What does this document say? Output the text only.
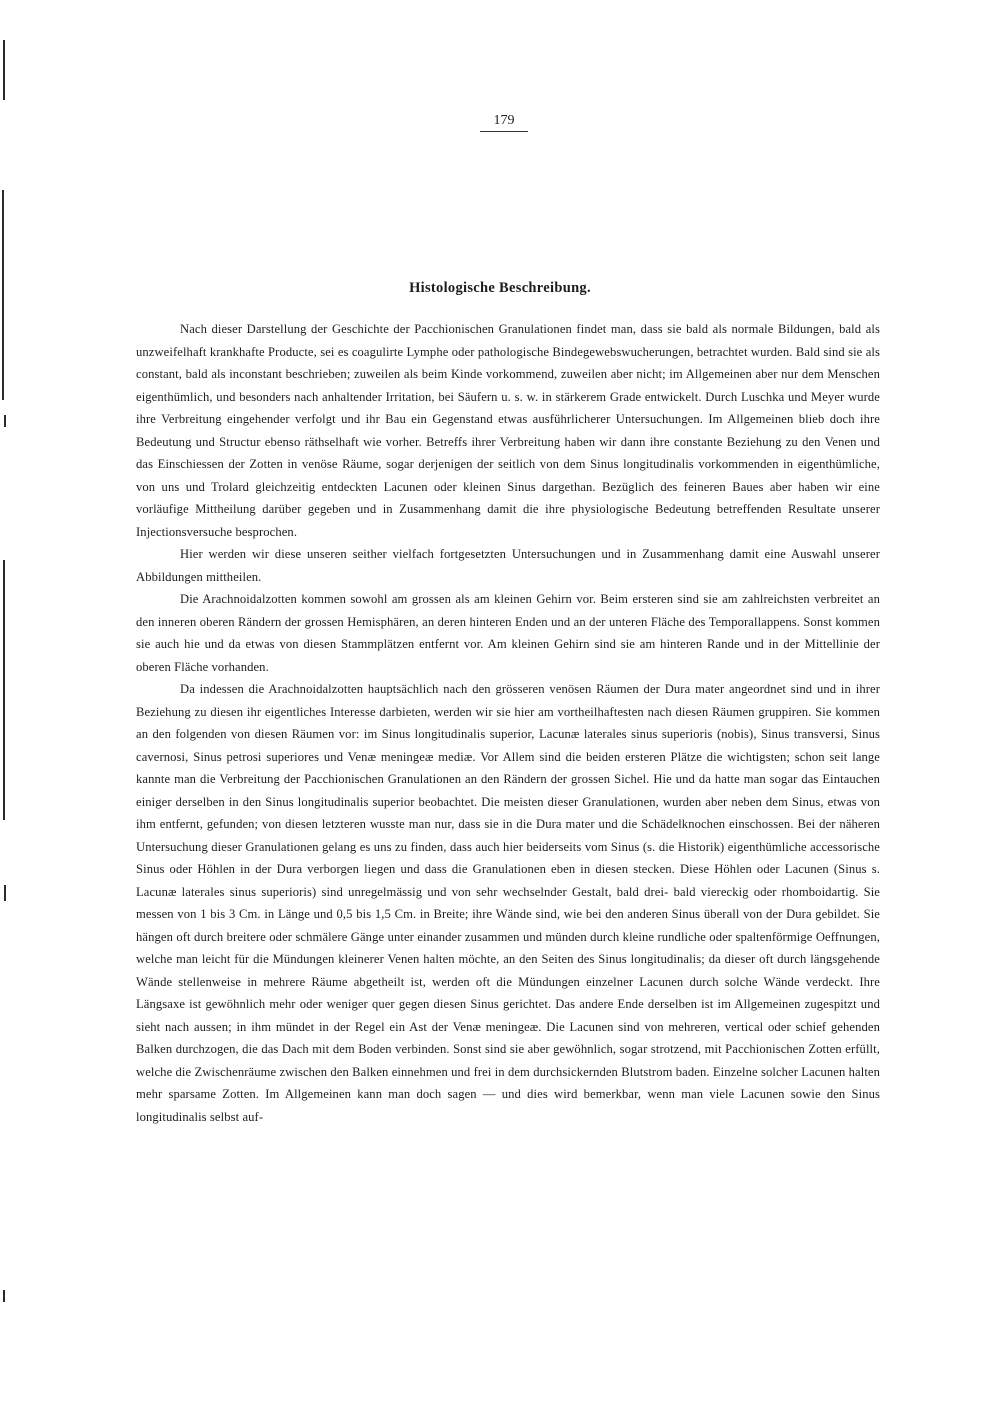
179
Histologische Beschreibung.

Nach dieser Darstellung der Geschichte der Pacchionischen Granulationen findet man, dass sie bald als normale Bildungen, bald als unzweifelhaft krankhafte Producte, sei es coagulirte Lymphe oder pathologische Bindegewebswucherungen, betrachtet wurden. Bald sind sie als constant, bald als inconstant beschrieben; zuweilen als beim Kinde vorkommend, zuweilen aber nicht; im Allgemeinen aber nur dem Menschen eigenthümlich, und besonders nach anhaltender Irritation, bei Säufern u. s. w. in stärkerem Grade entwickelt. Durch Luschka und Meyer wurde ihre Verbreitung eingehender verfolgt und ihr Bau ein Gegenstand etwas ausführlicherer Untersuchungen. Im Allgemeinen blieb doch ihre Bedeutung und Structur ebenso räthselhaft wie vorher. Betreffs ihrer Verbreitung haben wir dann ihre constante Beziehung zu den Venen und das Einschiessen der Zotten in venöse Räume, sogar derjenigen der seitlich von dem Sinus longitudinalis vorkommenden in eigenthümliche, von uns und Trolard gleichzeitig entdeckten Lacunen oder kleinen Sinus dargethan. Bezüglich des feineren Baues aber haben wir eine vorläufige Mittheilung darüber gegeben und in Zusammenhang damit die ihre physiologische Bedeutung betreffenden Resultate unserer Injectionsversuche besprochen.

Hier werden wir diese unseren seither vielfach fortgesetzten Untersuchungen und in Zusammenhang damit eine Auswahl unserer Abbildungen mittheilen.

Die Arachnoidalzotten kommen sowohl am grossen als am kleinen Gehirn vor. Beim ersteren sind sie am zahlreichsten verbreitet an den inneren oberen Rändern der grossen Hemisphären, an deren hinteren Enden und an der unteren Fläche des Temporallappens. Sonst kommen sie auch hie und da etwas von diesen Stammplätzen entfernt vor. Am kleinen Gehirn sind sie am hinteren Rande und in der Mittellinie der oberen Fläche vorhanden.

Da indessen die Arachnoidalzotten hauptsächlich nach den grösseren venösen Räumen der Dura mater angeordnet sind und in ihrer Beziehung zu diesen ihr eigentliches Interesse darbieten, werden wir sie hier am vortheilhaftesten nach diesen Räumen gruppiren. Sie kommen an den folgenden von diesen Räumen vor: im Sinus longitudinalis superior, Lacunæ laterales sinus superioris (nobis), Sinus transversi, Sinus cavernosi, Sinus petrosi superiores und Venæ meningeæ mediæ. Vor Allem sind die beiden ersteren Plätze die wichtigsten; schon seit lange kannte man die Verbreitung der Pacchionischen Granulationen an den Rändern der grossen Sichel. Hie und da hatte man sogar das Eintauchen einiger derselben in den Sinus longitudinalis superior beobachtet. Die meisten dieser Granulationen, wurden aber neben dem Sinus, etwas von ihm entfernt, gefunden; von diesen letzteren wusste man nur, dass sie in die Dura mater und die Schädelknochen einschossen. Bei der näheren Untersuchung dieser Granulationen gelang es uns zu finden, dass auch hier beiderseits vom Sinus (s. die Historik) eigenthümliche accessorische Sinus oder Höhlen in der Dura verborgen liegen und dass die Granulationen eben in diesen stecken. Diese Höhlen oder Lacunen (Sinus s. Lacunæ laterales sinus superioris) sind unregelmässig und von sehr wechselnder Gestalt, bald drei- bald viereckig oder rhomboidartig. Sie messen von 1 bis 3 Cm. in Länge und 0,5 bis 1,5 Cm. in Breite; ihre Wände sind, wie bei den anderen Sinus überall von der Dura gebildet. Sie hängen oft durch breitere oder schmälere Gänge unter einander zusammen und münden durch kleine rundliche oder spaltenförmige Oeffnungen, welche man leicht für die Mündungen kleinerer Venen halten möchte, an den Seiten des Sinus longitudinalis; da dieser oft durch längsgehende Wände stellenweise in mehrere Räume abgetheilt ist, werden oft die Mündungen einzelner Lacunen durch solche Wände verdeckt. Ihre Längsaxe ist gewöhnlich mehr oder weniger quer gegen diesen Sinus gerichtet. Das andere Ende derselben ist im Allgemeinen zugespitzt und sieht nach aussen; in ihm mündet in der Regel ein Ast der Venæ meningeæ. Die Lacunen sind von mehreren, vertical oder schief gehenden Balken durchzogen, die das Dach mit dem Boden verbinden. Sonst sind sie aber gewöhnlich, sogar strotzend, mit Pacchionischen Zotten erfüllt, welche die Zwischenräume zwischen den Balken einnehmen und frei in dem durchsickernden Blutstrom baden. Einzelne solcher Lacunen halten mehr sparsame Zotten. Im Allgemeinen kann man doch sagen — und dies wird bemerkbar, wenn man viele Lacunen sowie den Sinus longitudinalis selbst auf-
